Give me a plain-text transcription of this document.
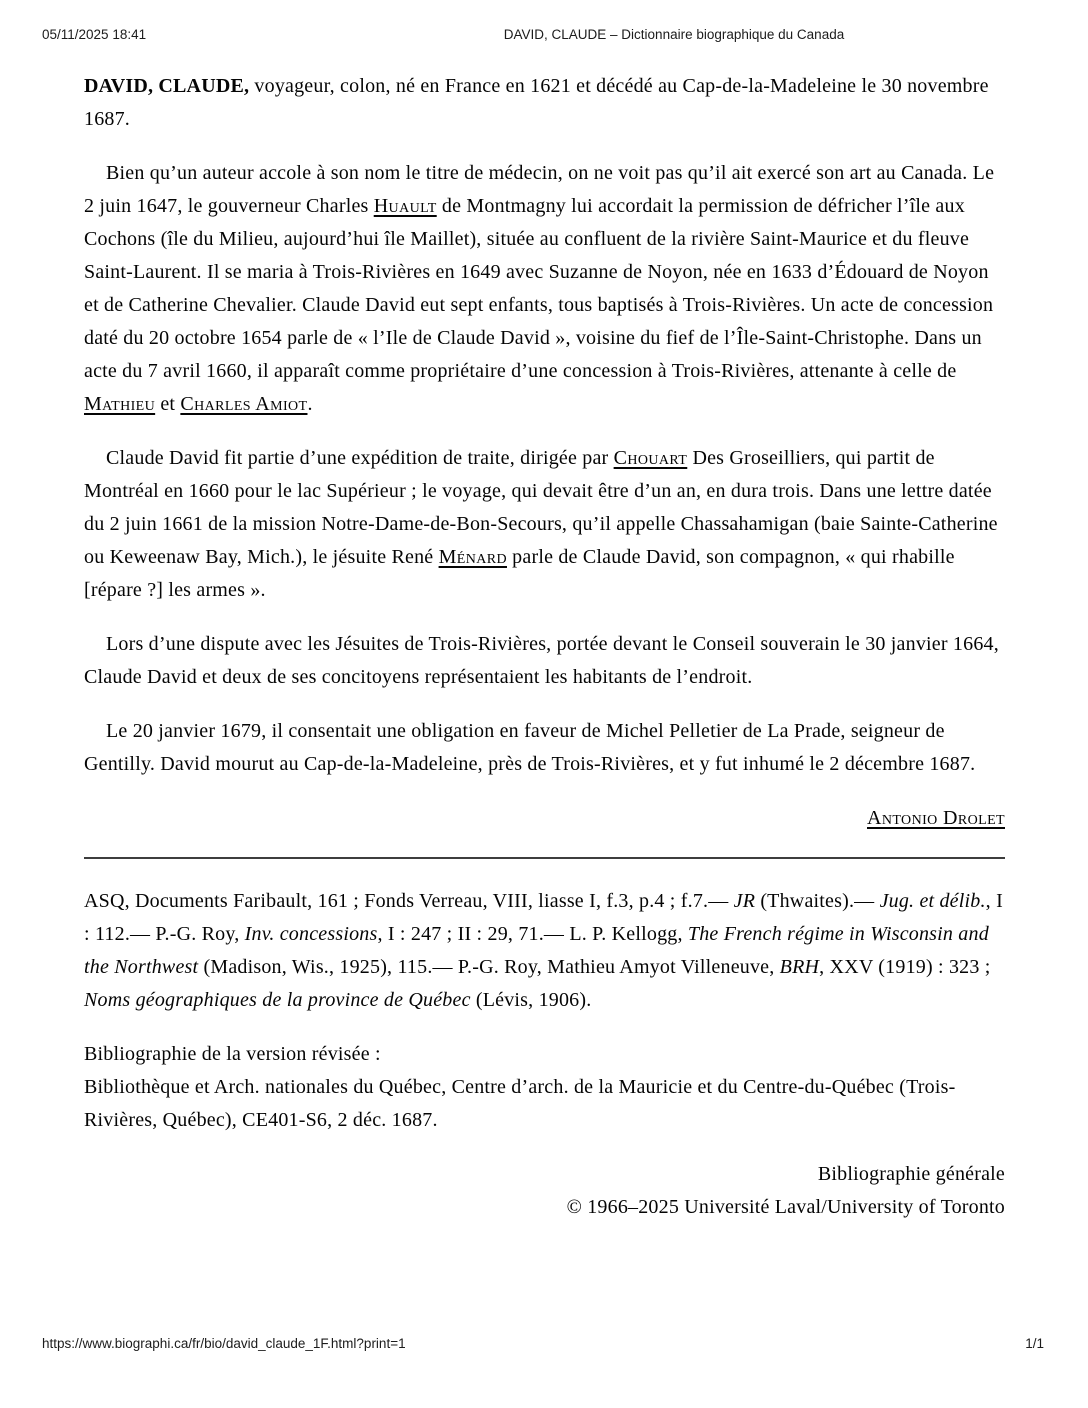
05/11/2025 18:41	DAVID, CLAUDE – Dictionnaire biographique du Canada

DAVID, CLAUDE, voyageur, colon, né en France en 1621 et décédé au Cap-de-la-Madeleine le 30 novembre 1687.

Bien qu’un auteur accole à son nom le titre de médecin, on ne voit pas qu’il ait exercé son art au Canada. Le 2 juin 1647, le gouverneur Charles Huault de Montmagny lui accordait la permission de défricher l’île aux Cochons (île du Milieu, aujourd’hui île Maillet), située au confluent de la rivière Saint-Maurice et du fleuve Saint-Laurent. Il se maria à Trois-Rivières en 1649 avec Suzanne de Noyon, née en 1633 d’Édouard de Noyon et de Catherine Chevalier. Claude David eut sept enfants, tous baptisés à Trois-Rivières. Un acte de concession daté du 20 octobre 1654 parle de « l’Ile de Claude David », voisine du fief de l’Île-Saint-Christophe. Dans un acte du 7 avril 1660, il apparaît comme propriétaire d’une concession à Trois-Rivières, attenante à celle de Mathieu et Charles Amiot.

Claude David fit partie d’une expédition de traite, dirigée par Chouart Des Groseilliers, qui partit de Montréal en 1660 pour le lac Supérieur ; le voyage, qui devait être d’un an, en dura trois. Dans une lettre datée du 2 juin 1661 de la mission Notre-Dame-de-Bon-Secours, qu’il appelle Chassahamigan (baie Sainte-Catherine ou Keweenaw Bay, Mich.), le jésuite René Ménard parle de Claude David, son compagnon, « qui rhabille [répare ?] les armes ».

Lors d’une dispute avec les Jésuites de Trois-Rivières, portée devant le Conseil souverain le 30 janvier 1664, Claude David et deux de ses concitoyens représentaient les habitants de l’endroit.

Le 20 janvier 1679, il consentait une obligation en faveur de Michel Pelletier de La Prade, seigneur de Gentilly. David mourut au Cap-de-la-Madeleine, près de Trois-Rivières, et y fut inhumé le 2 décembre 1687.

Antonio Drolet

ASQ, Documents Faribault, 161 ; Fonds Verreau, VIII, liasse I, f.3, p.4 ; f.7.— JR (Thwaites).— Jug. et délib., I : 112.— P.-G. Roy, Inv. concessions, I : 247 ; II : 29, 71.— L. P. Kellogg, The French régime in Wisconsin and the Northwest (Madison, Wis., 1925), 115.— P.-G. Roy, Mathieu Amyot Villeneuve, BRH, XXV (1919) : 323 ; Noms géographiques de la province de Québec (Lévis, 1906).

Bibliographie de la version révisée :
Bibliothèque et Arch. nationales du Québec, Centre d’arch. de la Mauricie et du Centre-du-Québec (Trois-Rivières, Québec), CE401-S6, 2 déc. 1687.
Bibliographie générale
© 1966–2025 Université Laval/University of Toronto
https://www.biographi.ca/fr/bio/david_claude_1F.html?print=1	1/1
